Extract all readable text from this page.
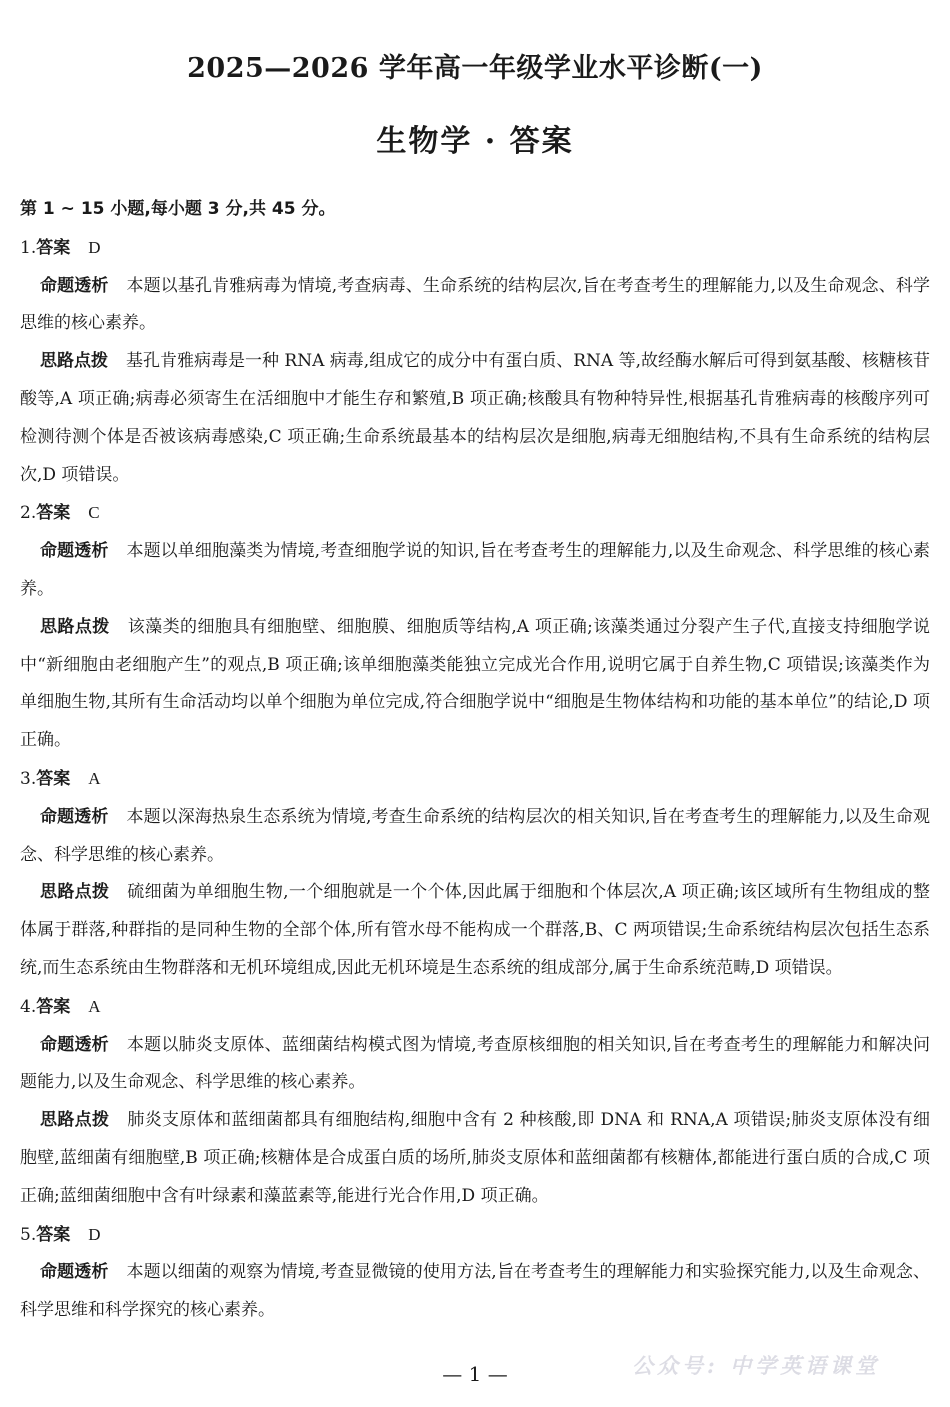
2025—2026 学年高一年级学业水平诊断(一)
生物学 · 答案

第 1 ~ 15 小题,每小题 3 分,共 45 分。

1.答案 D

命题透析 本题以基孔肯雅病毒为情境,考查病毒、生命系统的结构层次,旨在考查考生的理解能力,以及生命观念、科学思维的核心素养。

思路点拨 基孔肯雅病毒是一种 RNA 病毒,组成它的成分中有蛋白质、RNA 等,故经酶水解后可得到氨基酸、核糖核苷酸等,A 项正确;病毒必须寄生在活细胞中才能生存和繁殖,B 项正确;核酸具有物种特异性,根据基孔肯雅病毒的核酸序列可检测待测个体是否被该病毒感染,C 项正确;生命系统最基本的结构层次是细胞,病毒无细胞结构,不具有生命系统的结构层次,D 项错误。

2.答案 C

命题透析 本题以单细胞藻类为情境,考查细胞学说的知识,旨在考查考生的理解能力,以及生命观念、科学思维的核心素养。

思路点拨 该藻类的细胞具有细胞壁、细胞膜、细胞质等结构,A 项正确;该藻类通过分裂产生子代,直接支持细胞学说中“新细胞由老细胞产生”的观点,B 项正确;该单细胞藻类能独立完成光合作用,说明它属于自养生物,C 项错误;该藻类作为单细胞生物,其所有生命活动均以单个细胞为单位完成,符合细胞学说中“细胞是生物体结构和功能的基本单位”的结论,D 项正确。

3.答案 A

命题透析 本题以深海热泉生态系统为情境,考查生命系统的结构层次的相关知识,旨在考查考生的理解能力,以及生命观念、科学思维的核心素养。

思路点拨 硫细菌为单细胞生物,一个细胞就是一个个体,因此属于细胞和个体层次,A 项正确;该区域所有生物组成的整体属于群落,种群指的是同种生物的全部个体,所有管水母不能构成一个群落,B、C 两项错误;生命系统结构层次包括生态系统,而生态系统由生物群落和无机环境组成,因此无机环境是生态系统的组成部分,属于生命系统范畴,D 项错误。

4.答案 A

命题透析 本题以肺炎支原体、蓝细菌结构模式图为情境,考查原核细胞的相关知识,旨在考查考生的理解能力和解决问题能力,以及生命观念、科学思维的核心素养。

思路点拨 肺炎支原体和蓝细菌都具有细胞结构,细胞中含有 2 种核酸,即 DNA 和 RNA,A 项错误;肺炎支原体没有细胞壁,蓝细菌有细胞壁,B 项正确;核糖体是合成蛋白质的场所,肺炎支原体和蓝细菌都有核糖体,都能进行蛋白质的合成,C 项正确;蓝细菌细胞中含有叶绿素和藻蓝素等,能进行光合作用,D 项正确。

5.答案 D

命题透析 本题以细菌的观察为情境,考查显微镜的使用方法,旨在考查考生的理解能力和实验探究能力,以及生命观念、科学思维和科学探究的核心素养。

— 1 —	公众号: 中学英语课堂
